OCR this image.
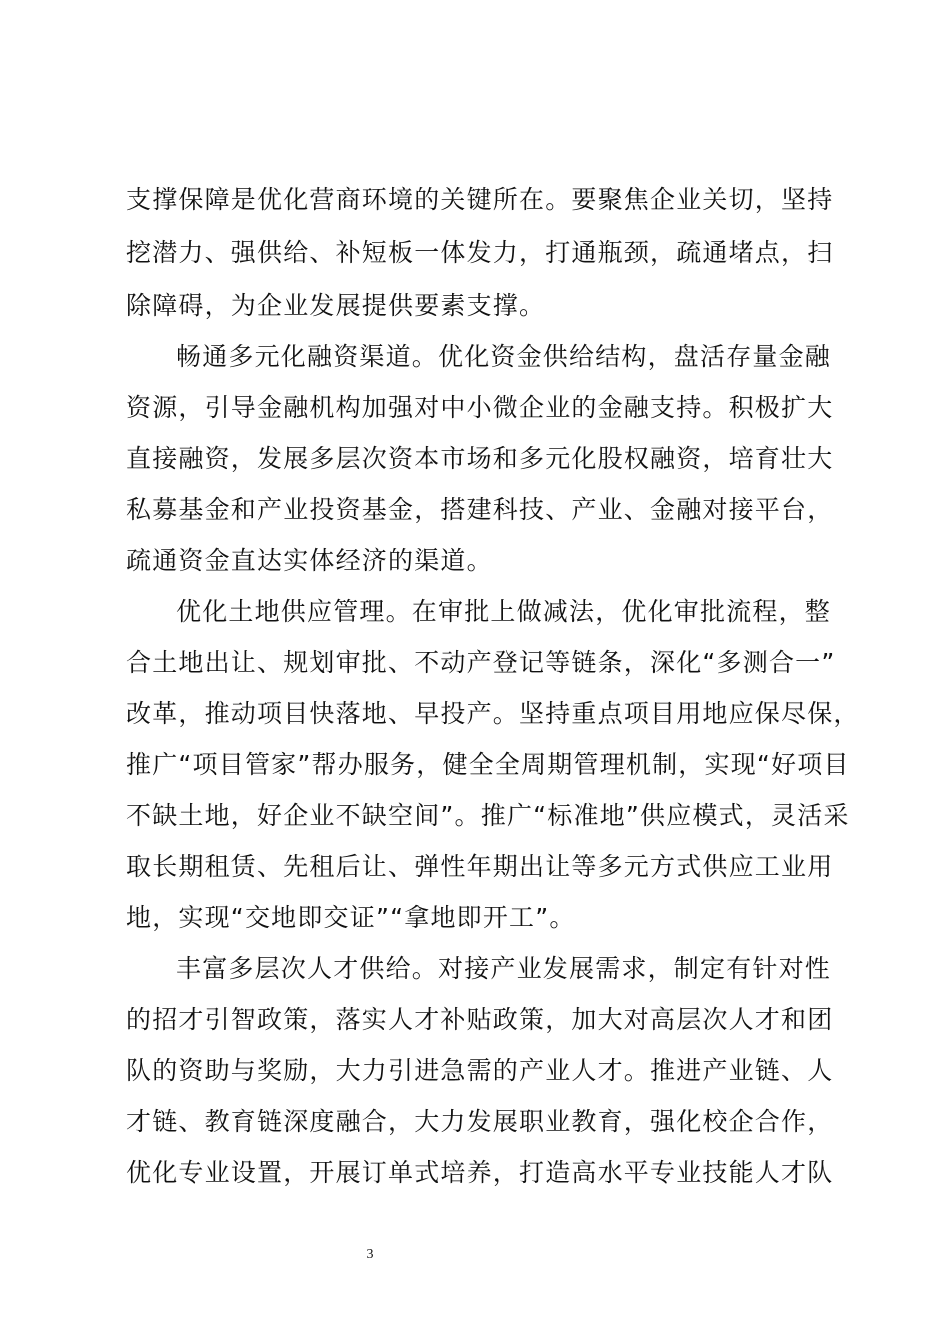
支撑保障是优化营商环境的关键所在。要聚焦企业关切，坚持
挖潜力、强供给、补短板一体发力，打通瓶颈，疏通堵点，扫
除障碍，为企业发展提供要素支撑。
畅通多元化融资渠道。优化资金供给结构，盘活存量金融
资源，引导金融机构加强对中小微企业的金融支持。积极扩大
直接融资，发展多层次资本市场和多元化股权融资，培育壮大
私募基金和产业投资基金，搭建科技、产业、金融对接平台，
疏通资金直达实体经济的渠道。
优化土地供应管理。在审批上做减法，优化审批流程，整
合土地出让、规划审批、不动产登记等链条，深化“多测合一”
改革，推动项目快落地、早投产。坚持重点项目用地应保尽保，
推广“项目管家”帮办服务，健全全周期管理机制，实现“好项目
不缺土地，好企业不缺空间”。推广“标准地”供应模式，灵活采
取长期租赁、先租后让、弹性年期出让等多元方式供应工业用
地，实现“交地即交证”“拿地即开工”。
丰富多层次人才供给。对接产业发展需求，制定有针对性
的招才引智政策，落实人才补贴政策，加大对高层次人才和团
队的资助与奖励，大力引进急需的产业人才。推进产业链、人
才链、教育链深度融合，大力发展职业教育，强化校企合作，
优化专业设置，开展订单式培养，打造高水平专业技能人才队
3
